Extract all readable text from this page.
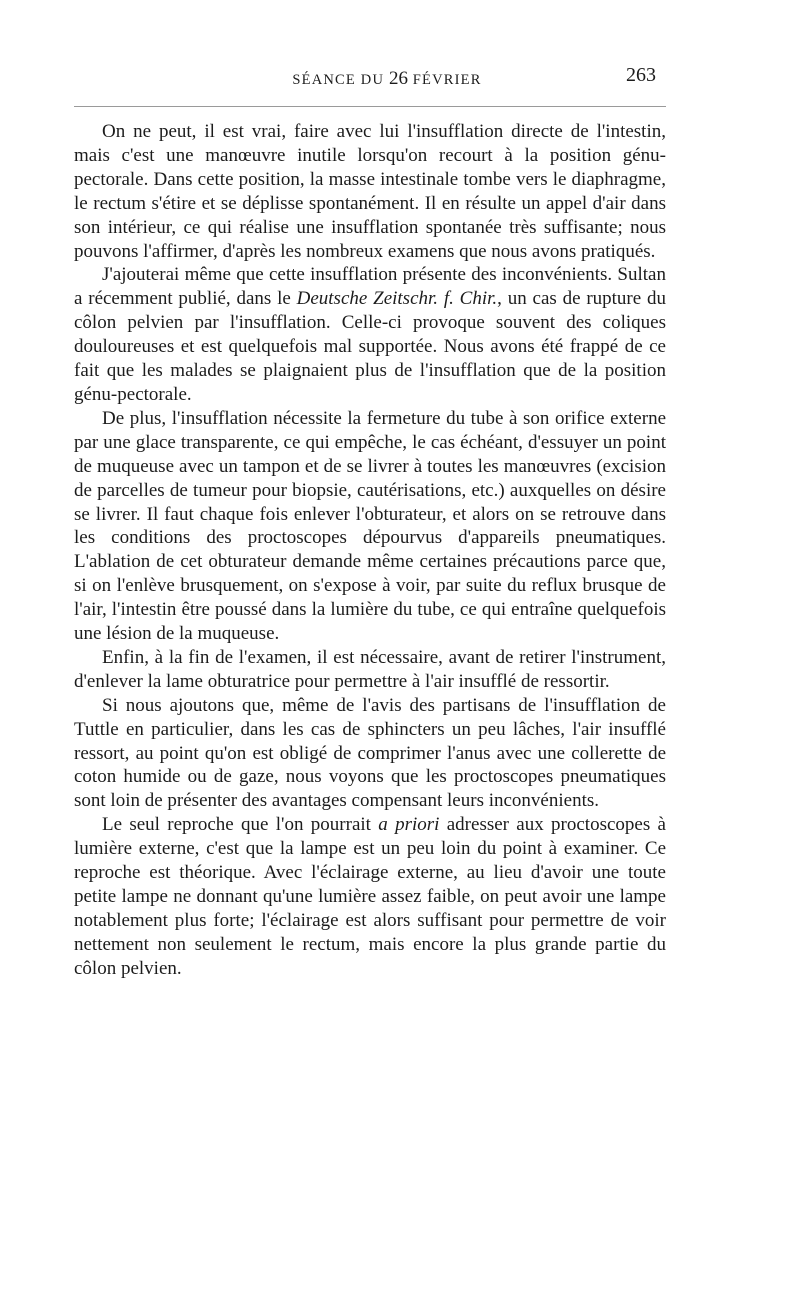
SÉANCE DU 26 FÉVRIER	263

On ne peut, il est vrai, faire avec lui l'insufflation directe de l'intestin, mais c'est une manœuvre inutile lorsqu'on recourt à la position génu-pectorale. Dans cette position, la masse intestinale tombe vers le diaphragme, le rectum s'étire et se déplisse spontanément. Il en résulte un appel d'air dans son intérieur, ce qui réalise une insufflation spontanée très suffisante; nous pouvons l'affirmer, d'après les nombreux examens que nous avons pratiqués.

J'ajouterai même que cette insufflation présente des inconvénients. Sultan a récemment publié, dans le Deutsche Zeitschr. f. Chir., un cas de rupture du côlon pelvien par l'insufflation. Celle-ci provoque souvent des coliques douloureuses et est quelquefois mal supportée. Nous avons été frappé de ce fait que les malades se plaignaient plus de l'insufflation que de la position génu-pectorale.

De plus, l'insufflation nécessite la fermeture du tube à son orifice externe par une glace transparente, ce qui empêche, le cas échéant, d'essuyer un point de muqueuse avec un tampon et de se livrer à toutes les manœuvres (excision de parcelles de tumeur pour biopsie, cautérisations, etc.) auxquelles on désire se livrer. Il faut chaque fois enlever l'obturateur, et alors on se retrouve dans les conditions des proctoscopes dépourvus d'appareils pneumatiques. L'ablation de cet obturateur demande même certaines précautions parce que, si on l'enlève brusquement, on s'expose à voir, par suite du reflux brusque de l'air, l'intestin être poussé dans la lumière du tube, ce qui entraîne quelquefois une lésion de la muqueuse.

Enfin, à la fin de l'examen, il est nécessaire, avant de retirer l'instrument, d'enlever la lame obturatrice pour permettre à l'air insufflé de ressortir.

Si nous ajoutons que, même de l'avis des partisans de l'insufflation de Tuttle en particulier, dans les cas de sphincters un peu lâches, l'air insufflé ressort, au point qu'on est obligé de comprimer l'anus avec une collerette de coton humide ou de gaze, nous voyons que les proctoscopes pneumatiques sont loin de présenter des avantages compensant leurs inconvénients.

Le seul reproche que l'on pourrait a priori adresser aux proctoscopes à lumière externe, c'est que la lampe est un peu loin du point à examiner. Ce reproche est théorique. Avec l'éclairage externe, au lieu d'avoir une toute petite lampe ne donnant qu'une lumière assez faible, on peut avoir une lampe notablement plus forte; l'éclairage est alors suffisant pour permettre de voir nettement non seulement le rectum, mais encore la plus grande partie du côlon pelvien.
